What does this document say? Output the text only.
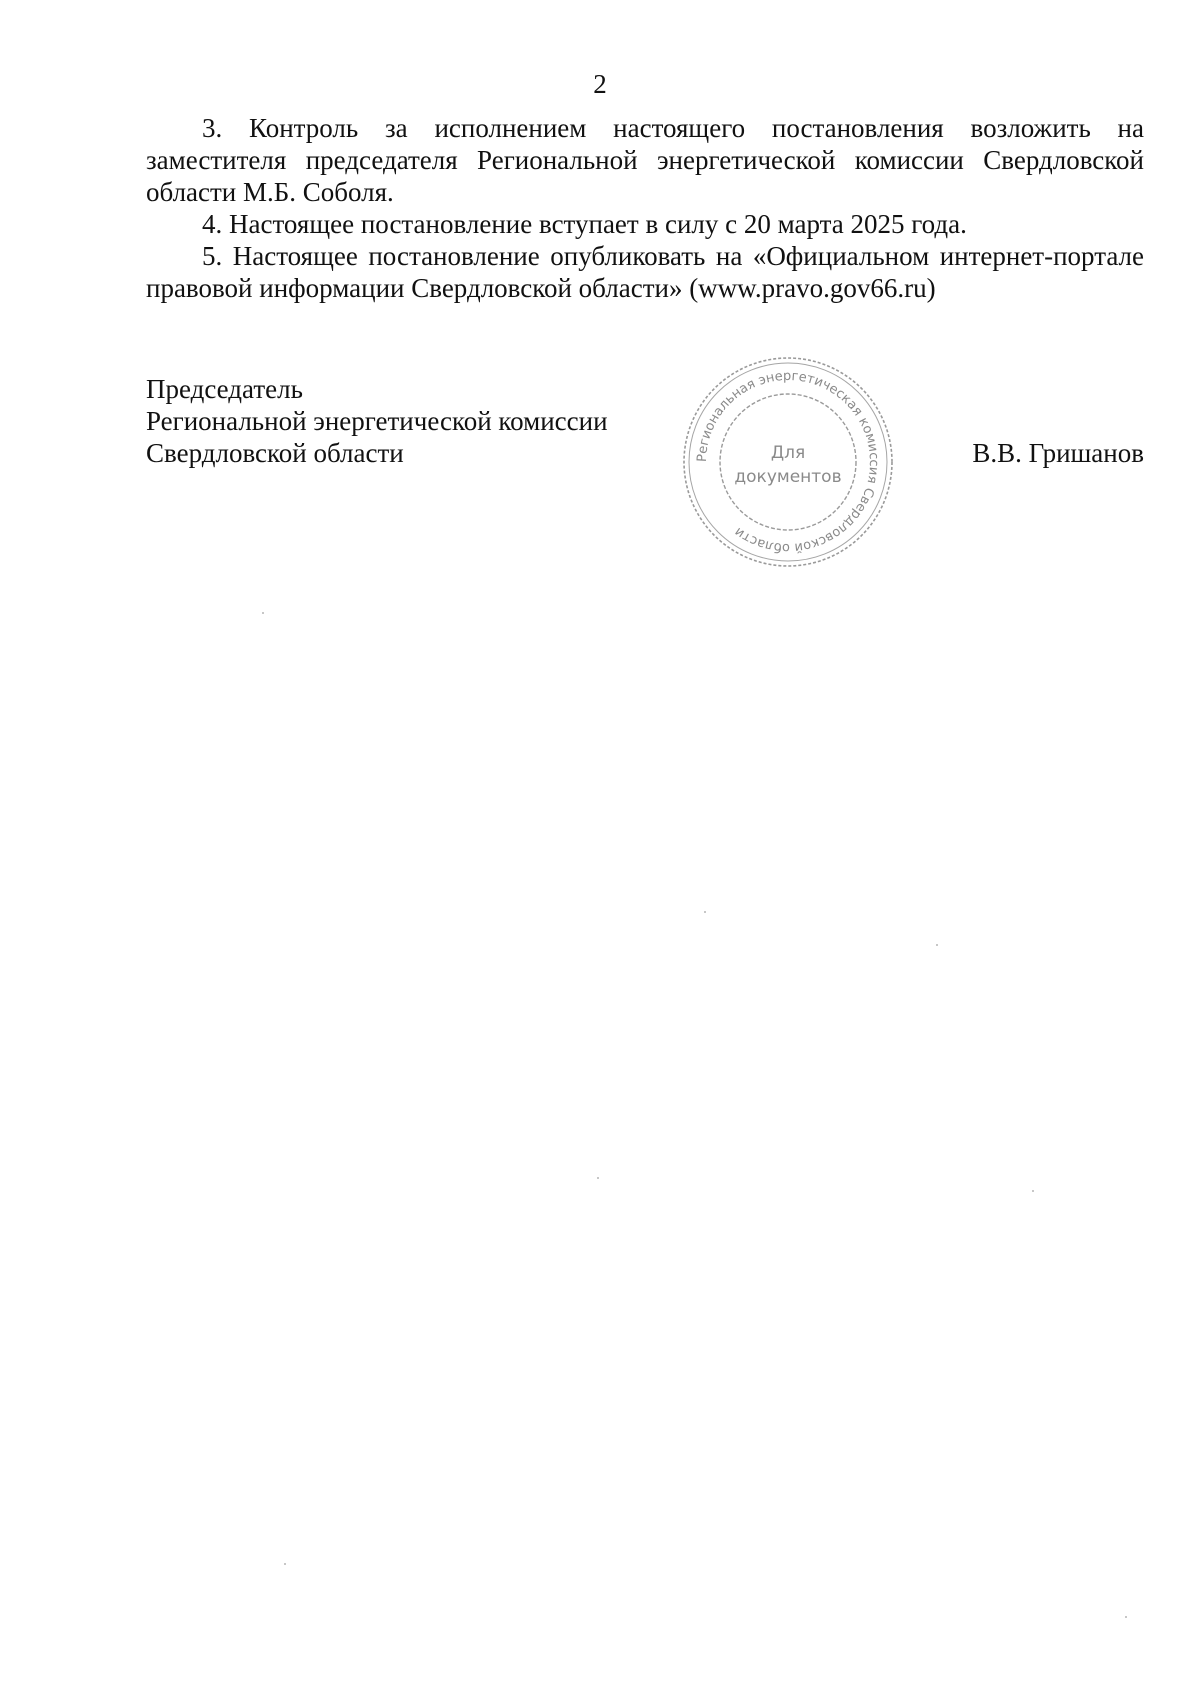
2

3. Контроль за исполнением настоящего постановления возложить на заместителя председателя Региональной энергетической комиссии Свердловской области М.Б. Соболя.

4. Настоящее постановление вступает в силу с 20 марта 2025 года.

5. Настоящее постановление опубликовать на «Официальном интернет-портале правовой информации Свердловской области» (www.pravo.gov66.ru)

Председатель
Региональной энергетической комиссии
Свердловской области	Региональная энергетическая комиссия Свердловской области
Для
документов
В.В. Гришанов
